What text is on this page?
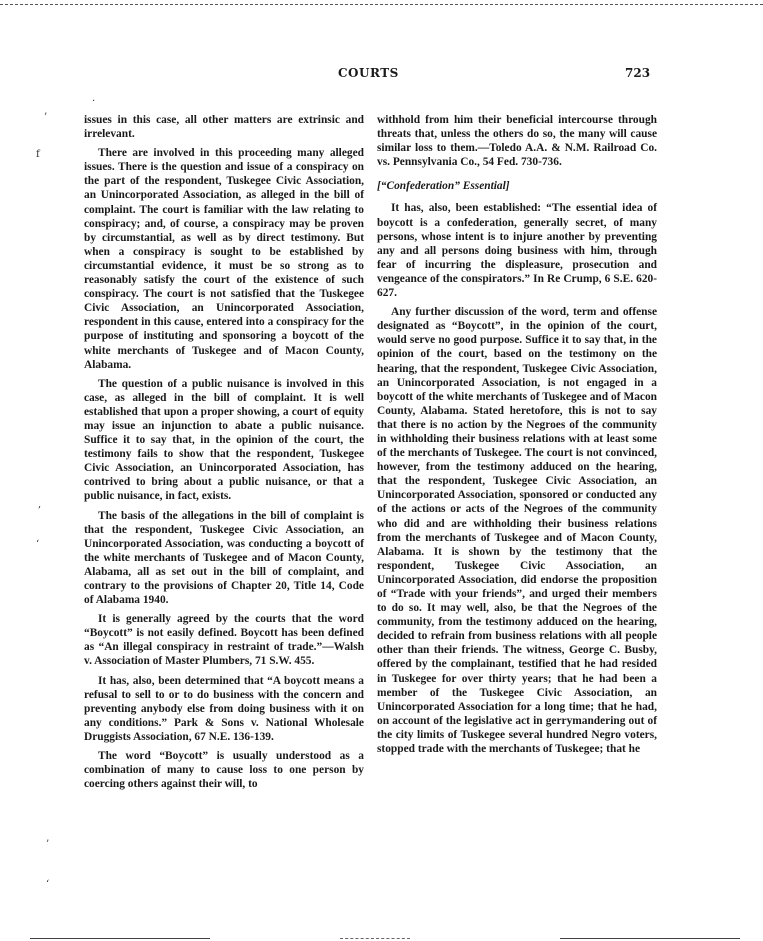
COURTS	723

issues in this case, all other matters are extrinsic and irrelevant.

There are involved in this proceeding many alleged issues. There is the question and issue of a conspiracy on the part of the respondent, Tuskegee Civic Association, an Unincorporated Association, as alleged in the bill of complaint. The court is familiar with the law relating to conspiracy; and, of course, a conspiracy may be proven by circumstantial, as well as by direct testimony. But when a conspiracy is sought to be established by circumstantial evidence, it must be so strong as to reasonably satisfy the court of the existence of such conspiracy. The court is not satisfied that the Tuskegee Civic Association, an Unincorporated Association, respondent in this cause, entered into a conspiracy for the purpose of instituting and sponsoring a boycott of the white merchants of Tuskegee and of Macon County, Alabama.

The question of a public nuisance is involved in this case, as alleged in the bill of complaint. It is well established that upon a proper showing, a court of equity may issue an injunction to abate a public nuisance. Suffice it to say that, in the opinion of the court, the testimony fails to show that the respondent, Tuskegee Civic Association, an Unincorporated Association, has contrived to bring about a public nuisance, or that a public nuisance, in fact, exists.

The basis of the allegations in the bill of complaint is that the respondent, Tuskegee Civic Association, an Unincorporated Association, was conducting a boycott of the white merchants of Tuskegee and of Macon County, Alabama, all as set out in the bill of complaint, and contrary to the provisions of Chapter 20, Title 14, Code of Alabama 1940.

It is generally agreed by the courts that the word “Boycott” is not easily defined. Boycott has been defined as “An illegal conspiracy in restraint of trade.”—Walsh v. Association of Master Plumbers, 71 S.W. 455.

It has, also, been determined that “A boycott means a refusal to sell to or to do business with the concern and preventing anybody else from doing business with it on any conditions.” Park & Sons v. National Wholesale Druggists Association, 67 N.E. 136-139.

The word “Boycott” is usually understood as a combination of many to cause loss to one person by coercing others against their will, to

withhold from him their beneficial intercourse through threats that, unless the others do so, the many will cause similar loss to them.—Toledo A.A. & N.M. Railroad Co. vs. Pennsylvania Co., 54 Fed. 730-736.

[“Confederation” Essential]

It has, also, been established: “The essential idea of boycott is a confederation, generally secret, of many persons, whose intent is to injure another by preventing any and all persons doing business with him, through fear of incurring the displeasure, prosecution and vengeance of the conspirators.” In Re Crump, 6 S.E. 620-627.

Any further discussion of the word, term and offense designated as “Boycott”, in the opinion of the court, would serve no good purpose. Suffice it to say that, in the opinion of the court, based on the testimony on the hearing, that the respondent, Tuskegee Civic Association, an Unincorporated Association, is not engaged in a boycott of the white merchants of Tuskegee and of Macon County, Alabama. Stated heretofore, this is not to say that there is no action by the Negroes of the community in withholding their business relations with at least some of the merchants of Tuskegee. The court is not convinced, however, from the testimony adduced on the hearing, that the respondent, Tuskegee Civic Association, an Unincorporated Association, sponsored or conducted any of the actions or acts of the Negroes of the community who did and are withholding their business relations from the merchants of Tuskegee and of Macon County, Alabama. It is shown by the testimony that the respondent, Tuskegee Civic Association, an Unincorporated Association, did endorse the proposition of “Trade with your friends”, and urged their members to do so. It may well, also, be that the Negroes of the community, from the testimony adduced on the hearing, decided to refrain from business relations with all people other than their friends. The witness, George C. Busby, offered by the complainant, testified that he had resided in Tuskegee for over thirty years; that he had been a member of the Tuskegee Civic Association, an Unincorporated Association for a long time; that he had, on account of the legislative act in gerrymandering out of the city limits of Tuskegee several hundred Negro voters, stopped trade with the merchants of Tuskegee; that he

’
·
f
,
‘
’
‘
